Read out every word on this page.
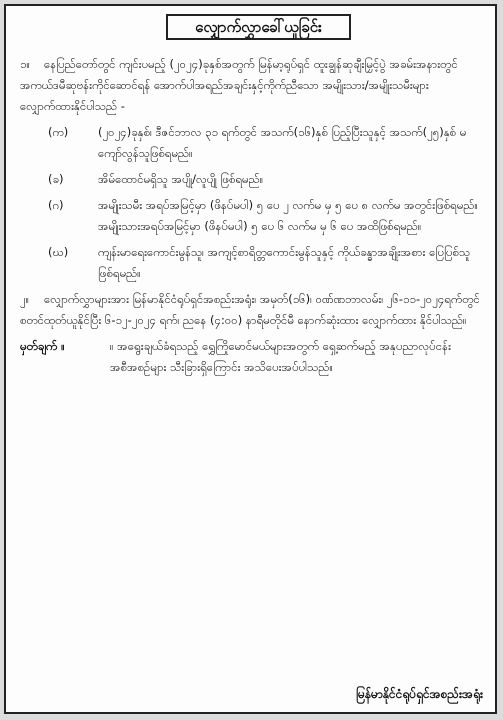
လျှောက်လွှာခေါ်ယူခြင်း

၁။ နေပြည်တော်တွင် ကျင်းပမည့် (၂၀၂၄)ခုနှစ်အတွက် မြန်မာ့ရုပ်ရှင် ထူးချွန်ဆုချီးမြှင့်ပွဲ အခမ်းအနားတွင် အကယ်ဒမီဆုဗန်းကိုင်ဆောင်ရန် အောက်ပါအရည်အချင်းနှင့်ကိုက်ညီသော အမျိုးသား/အမျိုးသမီးများ လျှောက်ထားနိုင်ပါသည် -

(က)	(၂၀၂၄)ခုနှစ်၊ ဒီဇင်ဘာလ ၃၁ ရက်တွင် အသက်(၁၆)နှစ် ပြည့်ပြီးသူနှင့် အသက်(၂၅)နှစ် မကျော်လွန်သူဖြစ်ရမည်။
(ခ)	အိမ်ထောင်မရှိသူ အပျို/လူပျို ဖြစ်ရမည်။
(ဂ)	အမျိုးသမီး အရပ်အမြင့်မှာ (ဖိနပ်မပါ) ၅ ပေ ၂ လက်မ မှ ၅ ပေ ၈ လက်မ အတွင်းဖြစ်ရမည်။ အမျိုးသားအရပ်အမြင့်မှာ (ဖိနပ်မပါ) ၅ ပေ ၆ လက်မ မှ ၆ ပေ အထိဖြစ်ရမည်။
(ဃ)	ကျန်းမာရေးကောင်းမွန်သူ၊ အကျင့်စာရိတ္တကောင်းမွန်သူနှင့် ကိုယ်ခန္ဓာအချိုးအစား ပြေပြစ်သူဖြစ်ရမည်။

၂။ လျှောက်လွှာများအား မြန်မာနိုင်ငံရုပ်ရှင်အစည်းအရုံး၊ အမှတ်(၁၆)၊ ဝဏ်ဏဘာလမ်း၊ ၂၆-၁၁-၂၀၂၄ရက်တွင် စတင်ထုတ်ယူနိုင်ပြီး ၆-၁၂-၂၀၂၄ ရက်၊ ညနေ (၄:၀၀) နာရီမတိုင်မီ နောက်ဆုံးထား လျှောက်ထား နိုင်ပါသည်။

မှတ်ချက် ။	။ အရွေးချယ်ခံရသည့် ရွှေကြိုမောင်မယ်များအတွက် ရှေ့ဆက်မည့် အနုပညာလုပ်ငန်းအစီအစဉ်များ သီးခြားရှိကြောင်း အသိပေးအပ်ပါသည်။
မြန်မာနိုင်ငံရုပ်ရှင်အစည်းအရုံး
